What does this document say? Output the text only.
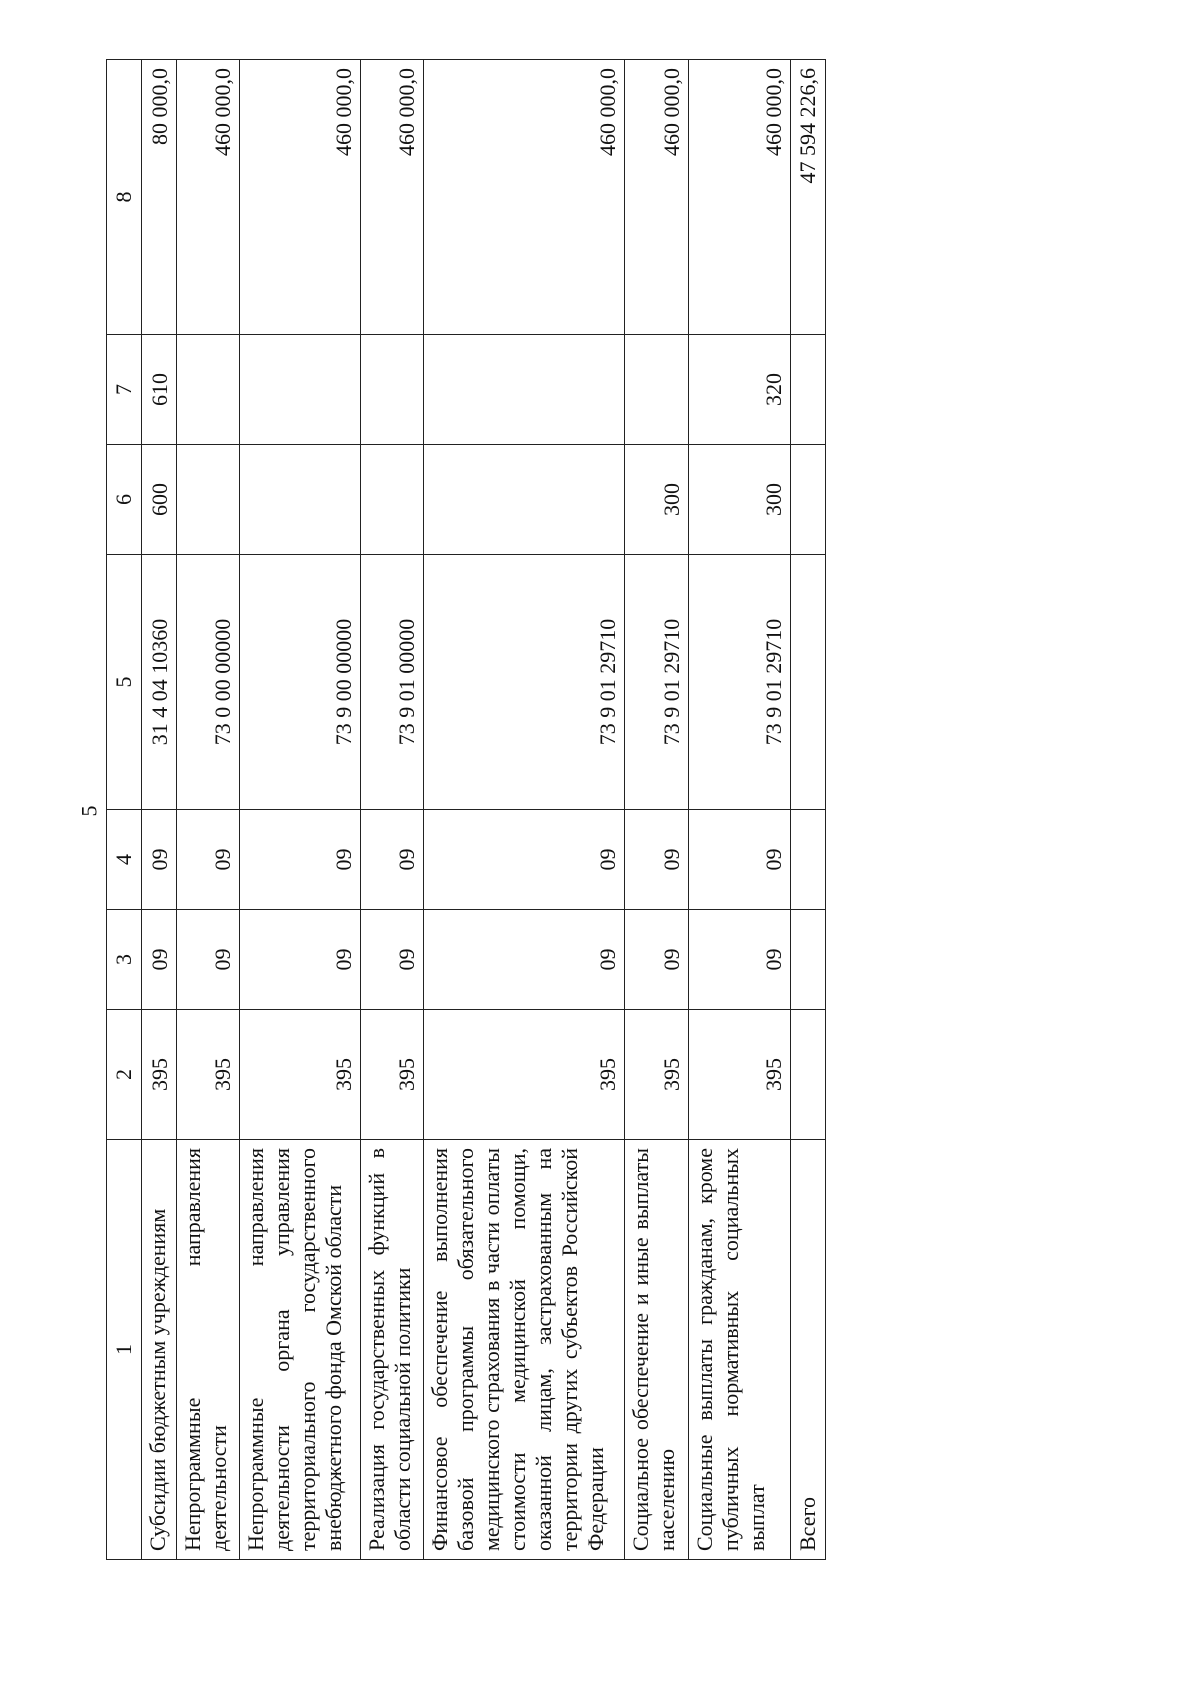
5
1	2	3	4	5	6	7	8
Субсидии бюджетным учреждениям	395	09	09	31 4 04 10360	600	610	80 000,0
Непрограммные направления деятельности	395	09	09	73 0 00 00000			460 000,0
Непрограммные направления деятельности органа управления территориального государственного внебюджетного фонда Омской области	395	09	09	73 9 00 00000			460 000,0
Реализация государственных функций в области социальной политики	395	09	09	73 9 01 00000			460 000,0
Финансовое обеспечение выполнения базовой программы обязательного медицинского страхования в части оплаты стоимости медицинской помощи, оказанной лицам, застрахованным на территории других субъектов Российской Федерации	395	09	09	73 9 01 29710			460 000,0
Социальное обеспечение и иные выплаты населению	395	09	09	73 9 01 29710	300		460 000,0
Социальные выплаты гражданам, кроме публичных нормативных социальных выплат	395	09	09	73 9 01 29710	300	320	460 000,0
Всего							47 594 226,6
